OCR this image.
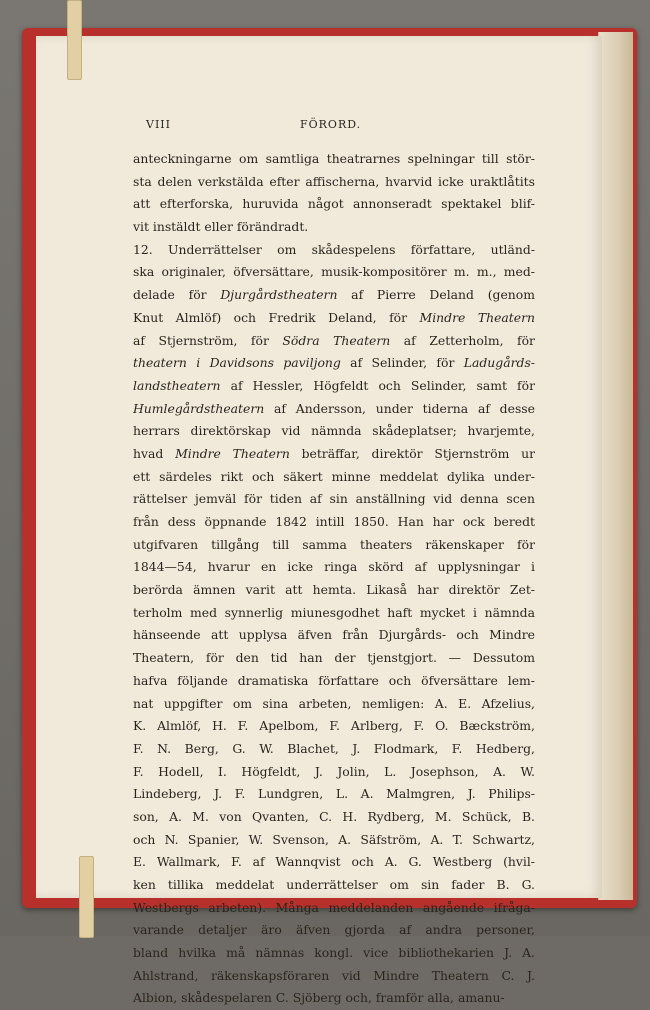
VIII	FÖRORD.
anteckningarne om samtliga theatrarnes spelningar till stör-
sta delen verkstälda efter affischerna, hvarvid icke uraktlåtits
att efterforska, huruvida något annonseradt spektakel blif-
vit instäldt eller förändradt.
12. Underrättelser om skådespelens författare, utländ-
ska originaler, öfversättare, musik-kompositörer m. m., med-
delade för Djurgårdstheatern af Pierre Deland (genom
Knut Almlöf) och Fredrik Deland, för Mindre Theatern
af Stjernström, för Södra Theatern af Zetterholm, för
theatern i Davidsons paviljong af Selinder, för Ladugårds-
landstheatern af Hessler, Högfeldt och Selinder, samt för
Humlegårdstheatern af Andersson, under tiderna af desse
herrars direktörskap vid nämnda skådeplatser; hvarjemte,
hvad Mindre Theatern beträffar, direktör Stjernström ur
ett särdeles rikt och säkert minne meddelat dylika under-
rättelser jemväl för tiden af sin anställning vid denna scen
från dess öppnande 1842 intill 1850. Han har ock beredt
utgifvaren tillgång till samma theaters räkenskaper för
1844—54, hvarur en icke ringa skörd af upplysningar i
berörda ämnen varit att hemta. Likaså har direktör Zet-
terholm med synnerlig miunesgodhet haft mycket i nämnda
hänseende att upplysa äfven från Djurgårds- och Mindre
Theatern, för den tid han der tjenstgjort. — Dessutom
hafva följande dramatiska författare och öfversättare lem-
nat uppgifter om sina arbeten, nemligen: A. E. Afzelius,
K. Almlöf, H. F. Apelbom, F. Arlberg, F. O. Bæckström,
F. N. Berg, G. W. Blachet, J. Flodmark, F. Hedberg,
F. Hodell, I. Högfeldt, J. Jolin, L. Josephson, A. W.
Lindeberg, J. F. Lundgren, L. A. Malmgren, J. Philips-
son, A. M. von Qvanten, C. H. Rydberg, M. Schück, B.
och N. Spanier, W. Svenson, A. Säfström, A. T. Schwartz,
E. Wallmark, F. af Wannqvist och A. G. Westberg (hvil-
ken tillika meddelat underrättelser om sin fader B. G.
Westbergs arbeten). Många meddelanden angående ifråga-
varande detaljer äro äfven gjorda af andra personer,
bland hvilka må nämnas kongl. vice bibliothekarien J. A.
Ahlstrand, räkenskapsföraren vid Mindre Theatern C. J.
Albion, skådespelaren C. Sjöberg och, framför alla, amanu-
